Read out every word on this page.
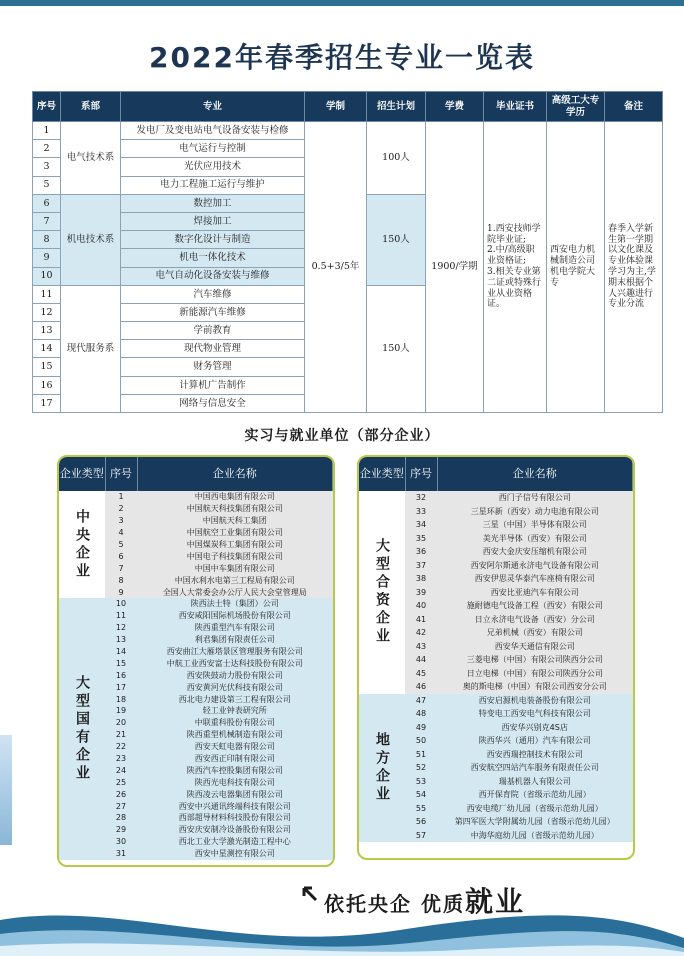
2022年春季招生专业一览表
序号	系部	专业	学制	招生计划	学费	毕业证书	高级工大专学历	备注
1	电气技术系	发电厂及变电站电气设备安装与检修	0.5+3/5年	100人	1900/学期	1.西安技师学院毕业证;
2.中/高级职业资格证;
3.相关专业第二证或特殊行业从业资格证。	西安电力机械制造公司机电学院大专	春季入学新生第一学期以文化课及专业体验课学习为主,学期末根据个人兴趣进行专业分流
2		电气运行与控制						
3		光伏应用技术						
5		电力工程施工运行与维护						
6	机电技术系	数控加工		150人				
7		焊接加工						
8		数字化设计与制造						
9		机电一体化技术						
10		电气自动化设备安装与维修						
11	现代服务系	汽车维修		150人				
12		新能源汽车维修						
13		学前教育						
14		现代物业管理						
15		财务管理						
16		计算机广告制作						
17		网络与信息安全						
实习与就业单位（部分企业）
企业类型	序号	企业名称
中央企业	1	中国西电集团有限公司
	2	中国航天科技集团有限公司
	3	中国航天科工集团
	4	中国航空工业集团有限公司
	5	中国煤炭科工集团有限公司
	6	中国电子科技集团有限公司
	7	中国中车集团有限公司
	8	中国水利水电第三工程局有限公司
	9	全国人大常委会办公厅人民大会堂管理局
大型国有企业	10	陕西法士特（集团）公司
	11	西安咸阳国际机场股份有限公司
	12	陕西重型汽车有限公司
	13	利君集团有限责任公司
	14	西安曲江大雁塔景区管理服务有限公司
	15	中航工业西安富士达科技股份有限公司
	16	西安陕鼓动力股份有限公司
	17	西安黄河光伏科技有限公司
	18	西北电力建设第三工程有限公司
	19	轻工业钟表研究所
	20	中联重科股份有限公司
	21	陕西重型机械制造有限公司
	22	西安天虹电器有限公司
	23	西安西正印制有限公司
	24	陕西汽车控股集团有限公司
	25	陕西光电科技有限公司
	26	陕西凌云电器集团有限公司
	27	西安中兴通讯终端科技有限公司
	28	西部超导材料科技股份有限公司
	29	西安庆安制冷设备股份有限公司
	30	西北工业大学激光制造工程中心
	31	西安中星测控有限公司
企业类型	序号	企业名称
大型合资企业	32	西门子信号有限公司
	33	三星环新（西安）动力电池有限公司
	34	三星（中国）半导体有限公司
	35	美光半导体（西安）有限公司
	36	西安大金庆安压缩机有限公司
	37	西安阿尔斯通永济电气设备有限公司
	38	西安伊思灵华泰汽车座椅有限公司
	39	西安比亚迪汽车有限公司
	40	施耐德电气设备工程（西安）有限公司
	41	日立永济电气设备（西安）分公司
	42	兄弟机械（西安）有限公司
	43	西安华天通信有限公司
	44	三菱电梯（中国）有限公司陕西分公司
	45	日立电梯（中国）有限公司陕西分公司
	46	奥的斯电梯（中国）有限公司西安分公司
地方企业	47	西安启源机电装备股份有限公司
	48	特变电工西安电气科技有限公司
	49	西安华兴别克4S店
	50	陕西华兴（通用）汽车有限公司
	51	西安西瑞控制技术有限公司
	52	西安航空四站汽车服务有限责任公司
	53	瑞基机器人有限公司
	54	西开保育院（省级示范幼儿园）
	55	西安电缆厂幼儿园（省级示范幼儿园）
	56	第四军医大学附属幼儿园（省级示范幼儿园）
	57	中海华庭幼儿园（省级示范幼儿园）
依托央企 优质就业
